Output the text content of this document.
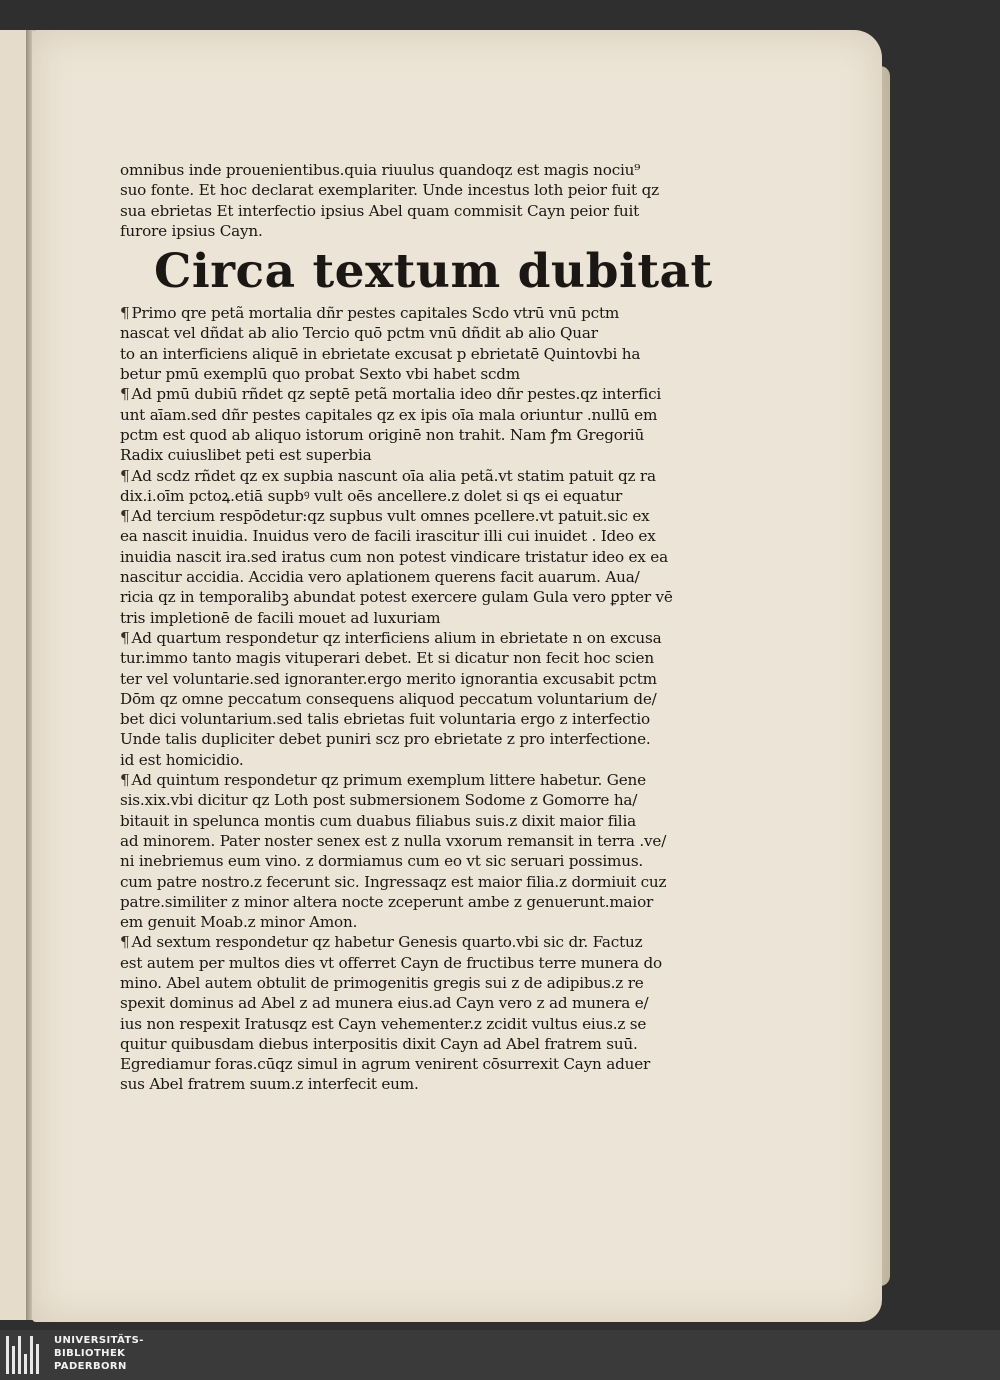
omnibus inde prouenientibus.quia riuulus quandoqz est magis nociu⁹
suo fonte. Et hoc declarat exemplariter. Unde incestus loth peior fuit qz
sua ebrietas Et interfectio ipsius Abel quam commisit Cayn peior fuit
furore ipsius Cayn.
Circa textum dubitat
¶ Primo qre petã mortalia dñr pestes capitales Scdo vtrū vnū pctm
nascat vel dñdat ab alio Tercio quō pctm vnū dñdit ab alio Quar
to an interficiens aliquē in ebrietate excusat p ebrietatē Quintovbi ha
betur pmū exemplū quo probat Sexto vbi habet scdm
¶ Ad pmū dubiū rñdet qz septē petã mortalia ideo dñr pestes.qz interfici
unt aīam.sed dñr pestes capitales qz ex ipis oīa mala oriuntur .nullū em
pctm est quod ab aliquo istorum originē non trahit. Nam ꝭm Gregoriū
Radix cuiuslibet peti est superbia
¶ Ad scdz rñdet qz ex supbia nascunt oīa alia petã.vt statim patuit qz ra
dix.i.oīm pctoꝝ.etiā supbꝰ vult oēs ancellere.z dolet si qs ei equatur
¶ Ad tercium respōdetur:qz supbus vult omnes pcellere.vt patuit.sic ex
ea nascit inuidia. Inuidus vero de facili irascitur illi cui inuidet . Ideo ex
inuidia nascit ira.sed iratus cum non potest vindicare tristatur ideo ex ea
nascitur accidia. Accidia vero aplationem querens facit auarum. Aua/
ricia qz in temporalibꝫ abundat potest exercere gulam Gula vero ꝑpter vē
tris impletionē de facili mouet ad luxuriam
¶ Ad quartum respondetur qz interficiens alium in ebrietate n on excusa
tur.immo tanto magis vituperari debet. Et si dicatur non fecit hoc scien
ter vel voluntarie.sed ignoranter.ergo merito ignorantia excusabit pctm
Dōm qz omne peccatum consequens aliquod peccatum voluntarium de/
bet dici voluntarium.sed talis ebrietas fuit voluntaria ergo z interfectio
Unde talis dupliciter debet puniri scz pro ebrietate z pro interfectione.
id est homicidio.
¶ Ad quintum respondetur qz primum exemplum littere habetur. Gene
sis.xix.vbi dicitur qz Loth post submersionem Sodome z Gomorre ha/
bitauit in spelunca montis cum duabus filiabus suis.z dixit maior filia
ad minorem. Pater noster senex est z nulla vxorum remansit in terra .ve/
ni inebriemus eum vino. z dormiamus cum eo vt sic seruari possimus.
cum patre nostro.z fecerunt sic. Ingressaqz est maior filia.z dormiuit cuz
patre.similiter z minor altera nocte zceperunt ambe z genuerunt.maior
em genuit Moab.z minor Amon.
¶ Ad sextum respondetur qz habetur Genesis quarto.vbi sic dr. Factuz
est autem per multos dies vt offerret Cayn de fructibus terre munera do
mino. Abel autem obtulit de primogenitis gregis sui z de adipibus.z re
spexit dominus ad Abel z ad munera eius.ad Cayn vero z ad munera e/
ius non respexit Iratusqz est Cayn vehementer.z zcidit vultus eius.z se
quitur quibusdam diebus interpositis dixit Cayn ad Abel fratrem suū.
Egrediamur foras.cūqz simul in agrum venirent cōsurrexit Cayn aduer
sus Abel fratrem suum.z interfecit eum.
UNIVERSITÄTS-
BIBLIOTHEK
PADERBORN
